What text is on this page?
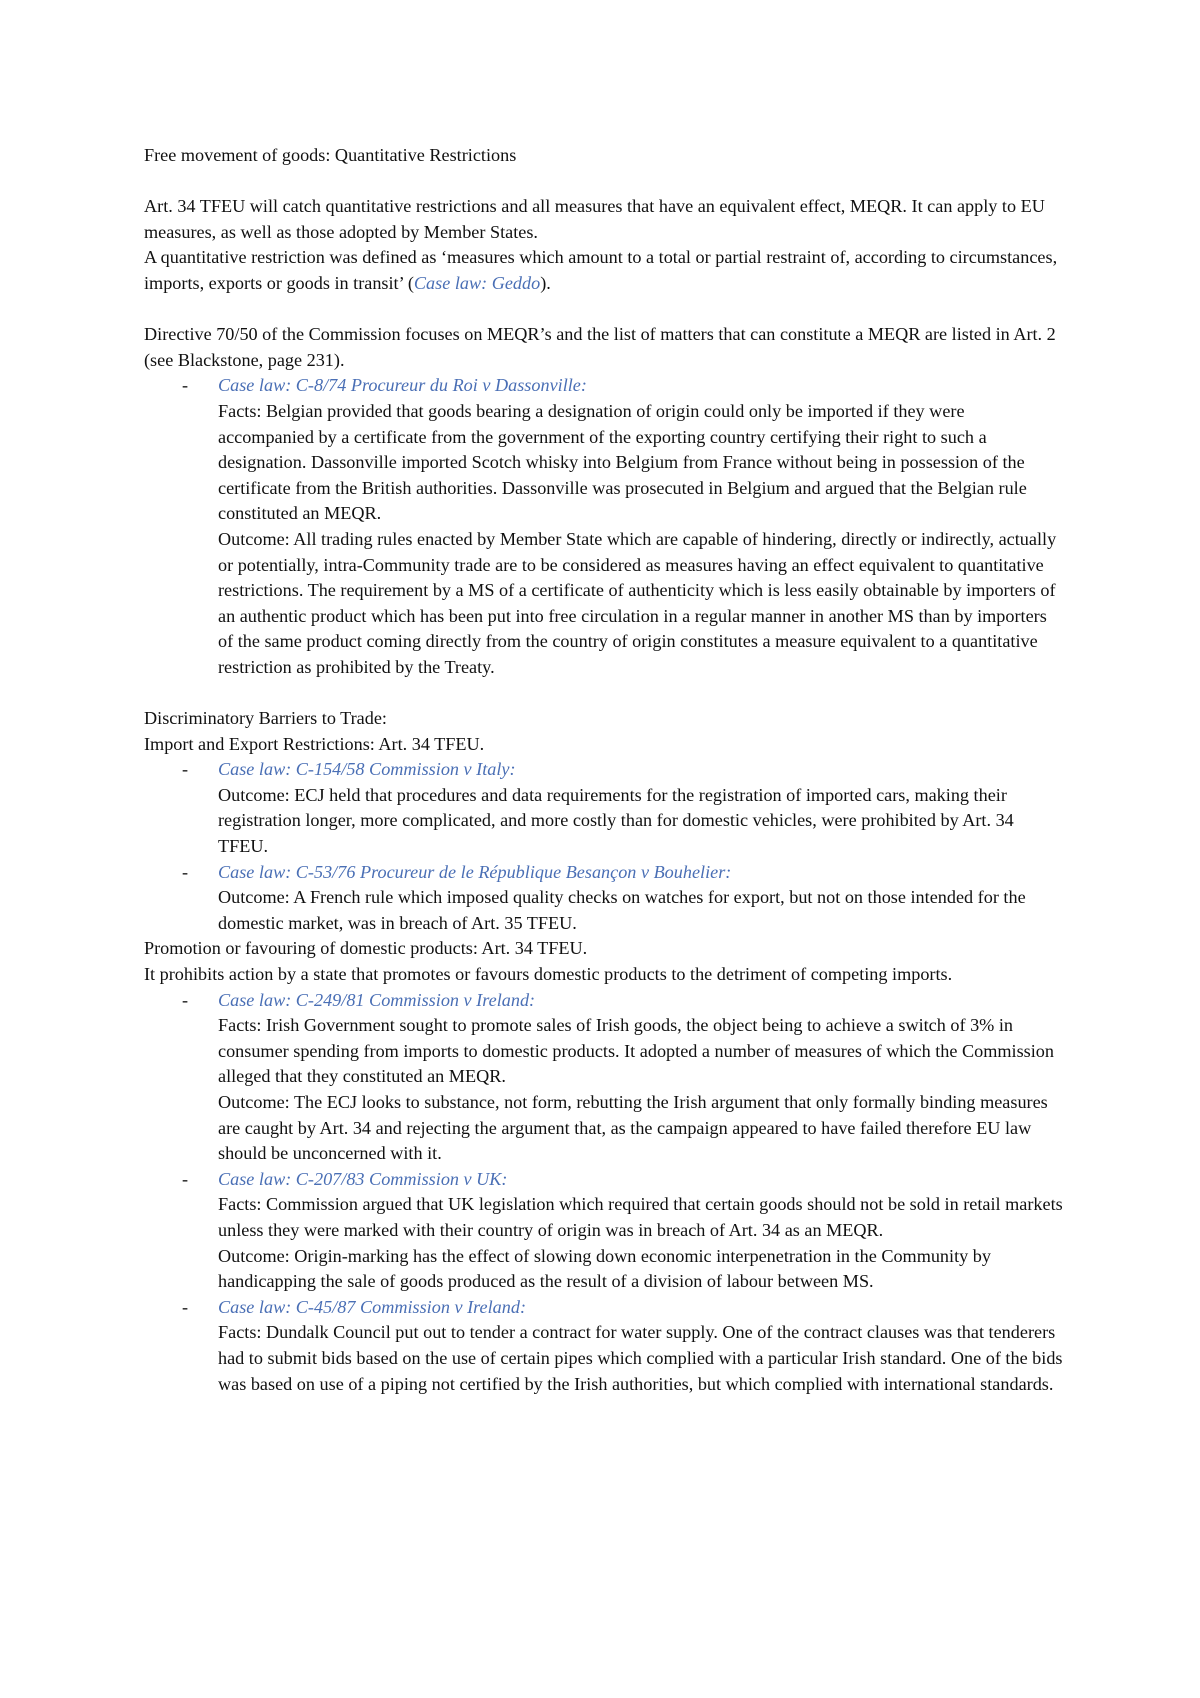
Free movement of goods: Quantitative Restrictions

Art. 34 TFEU will catch quantitative restrictions and all measures that have an equivalent effect, MEQR. It can apply to EU measures, as well as those adopted by Member States.

A quantitative restriction was defined as ‘measures which amount to a total or partial restraint of, according to circumstances, imports, exports or goods in transit’ (Case law: Geddo).

Directive 70/50 of the Commission focuses on MEQR’s and the list of matters that can constitute a MEQR are listed in Art. 2 (see Blackstone, page 231).

- Case law: C-8/74 Procureur du Roi v Dassonville:

Facts: Belgian provided that goods bearing a designation of origin could only be imported if they were accompanied by a certificate from the government of the exporting country certifying their right to such a designation. Dassonville imported Scotch whisky into Belgium from France without being in possession of the certificate from the British authorities. Dassonville was prosecuted in Belgium and argued that the Belgian rule constituted an MEQR.

Outcome: All trading rules enacted by Member State which are capable of hindering, directly or indirectly, actually or potentially, intra-Community trade are to be considered as measures having an effect equivalent to quantitative restrictions. The requirement by a MS of a certificate of authenticity which is less easily obtainable by importers of an authentic product which has been put into free circulation in a regular manner in another MS than by importers of the same product coming directly from the country of origin constitutes a measure equivalent to a quantitative restriction as prohibited by the Treaty.

Discriminatory Barriers to Trade:

Import and Export Restrictions: Art. 34 TFEU.

- Case law: C-154/58 Commission v Italy:

Outcome: ECJ held that procedures and data requirements for the registration of imported cars, making their registration longer, more complicated, and more costly than for domestic vehicles, were prohibited by Art. 34 TFEU.

- Case law: C-53/76 Procureur de le République Besançon v Bouhelier:

Outcome: A French rule which imposed quality checks on watches for export, but not on those intended for the domestic market, was in breach of Art. 35 TFEU.

Promotion or favouring of domestic products: Art. 34 TFEU.

It prohibits action by a state that promotes or favours domestic products to the detriment of competing imports.

- Case law: C-249/81 Commission v Ireland:

Facts: Irish Government sought to promote sales of Irish goods, the object being to achieve a switch of 3% in consumer spending from imports to domestic products. It adopted a number of measures of which the Commission alleged that they constituted an MEQR.

Outcome: The ECJ looks to substance, not form, rebutting the Irish argument that only formally binding measures are caught by Art. 34 and rejecting the argument that, as the campaign appeared to have failed therefore EU law should be unconcerned with it.

- Case law: C-207/83 Commission v UK:

Facts: Commission argued that UK legislation which required that certain goods should not be sold in retail markets unless they were marked with their country of origin was in breach of Art. 34 as an MEQR.

Outcome: Origin-marking has the effect of slowing down economic interpenetration in the Community by handicapping the sale of goods produced as the result of a division of labour between MS.

- Case law: C-45/87 Commission v Ireland:

Facts: Dundalk Council put out to tender a contract for water supply. One of the contract clauses was that tenderers had to submit bids based on the use of certain pipes which complied with a particular Irish standard. One of the bids was based on use of a piping not certified by the Irish authorities, but which complied with international standards.
